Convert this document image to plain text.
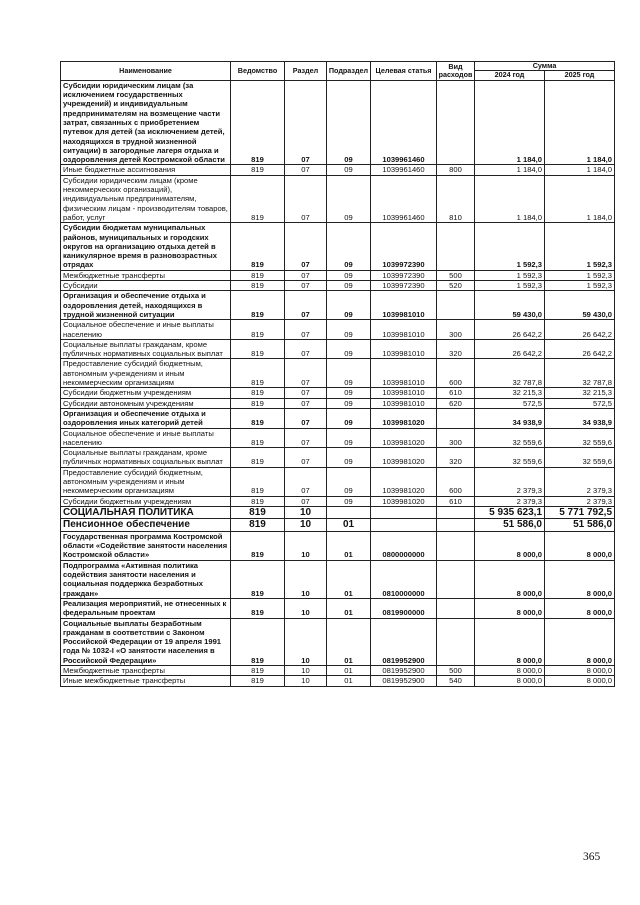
Наименование	Ведомство	Раздел	Подраздел	Целевая статья	Вид расходов	Сумма	
						2024 год	2025 год
Субсидии юридическим лицам (за исключением государственных учреждений) и индивидуальным предпринимателям на возмещение части затрат, связанных с приобретением путевок для детей (за исключением детей, находящихся в трудной жизненной ситуации) в загородные лагеря отдыха и оздоровления детей Костромской области	819	07	09	1039961460		1 184,0	1 184,0
Иные бюджетные ассигнования	819	07	09	1039961460	800	1 184,0	1 184,0
Субсидии юридическим лицам (кроме некоммерческих организаций), индивидуальным предпринимателям, физическим лицам - производителям товаров, работ, услуг	819	07	09	1039961460	810	1 184,0	1 184,0
Субсидии бюджетам муниципальных районов, муниципальных и городских округов на организацию отдыха детей в каникулярное время в разновозрастных отрядах	819	07	09	1039972390		1 592,3	1 592,3
Межбюджетные трансферты	819	07	09	1039972390	500	1 592,3	1 592,3
Субсидии	819	07	09	1039972390	520	1 592,3	1 592,3
Организация и обеспечение отдыха и оздоровления детей, находящихся в трудной жизненной ситуации	819	07	09	1039981010		59 430,0	59 430,0
Социальное обеспечение и иные выплаты населению	819	07	09	1039981010	300	26 642,2	26 642,2
Социальные выплаты гражданам, кроме публичных нормативных социальных выплат	819	07	09	1039981010	320	26 642,2	26 642,2
Предоставление субсидий бюджетным, автономным учреждениям и иным некоммерческим организациям	819	07	09	1039981010	600	32 787,8	32 787,8
Субсидии бюджетным учреждениям	819	07	09	1039981010	610	32 215,3	32 215,3
Субсидии автономным учреждениям	819	07	09	1039981010	620	572,5	572,5
Организация и обеспечение отдыха и оздоровления иных категорий детей	819	07	09	1039981020		34 938,9	34 938,9
Социальное обеспечение и иные выплаты населению	819	07	09	1039981020	300	32 559,6	32 559,6
Социальные выплаты гражданам, кроме публичных нормативных социальных выплат	819	07	09	1039981020	320	32 559,6	32 559,6
Предоставление субсидий бюджетным, автономным учреждениям и иным некоммерческим организациям	819	07	09	1039981020	600	2 379,3	2 379,3
Субсидии бюджетным учреждениям	819	07	09	1039981020	610	2 379,3	2 379,3
СОЦИАЛЬНАЯ ПОЛИТИКА	819	10				5 935 623,1	5 771 792,5
Пенсионное обеспечение	819	10	01			51 586,0	51 586,0
Государственная программа Костромской области «Содействие занятости населения Костромской области»	819	10	01	0800000000		8 000,0	8 000,0
Подпрограмма «Активная политика содействия занятости населения и социальная поддержка безработных граждан»	819	10	01	0810000000		8 000,0	8 000,0
Реализация мероприятий, не отнесенных к федеральным проектам	819	10	01	0819900000		8 000,0	8 000,0
Социальные выплаты безработным гражданам в соответствии с Законом Российской Федерации от 19 апреля 1991 года № 1032-I «О занятости населения в Российской Федерации»	819	10	01	0819952900		8 000,0	8 000,0
Межбюджетные трансферты	819	10	01	0819952900	500	8 000,0	8 000,0
Иные межбюджетные трансферты	819	10	01	0819952900	540	8 000,0	8 000,0
365
